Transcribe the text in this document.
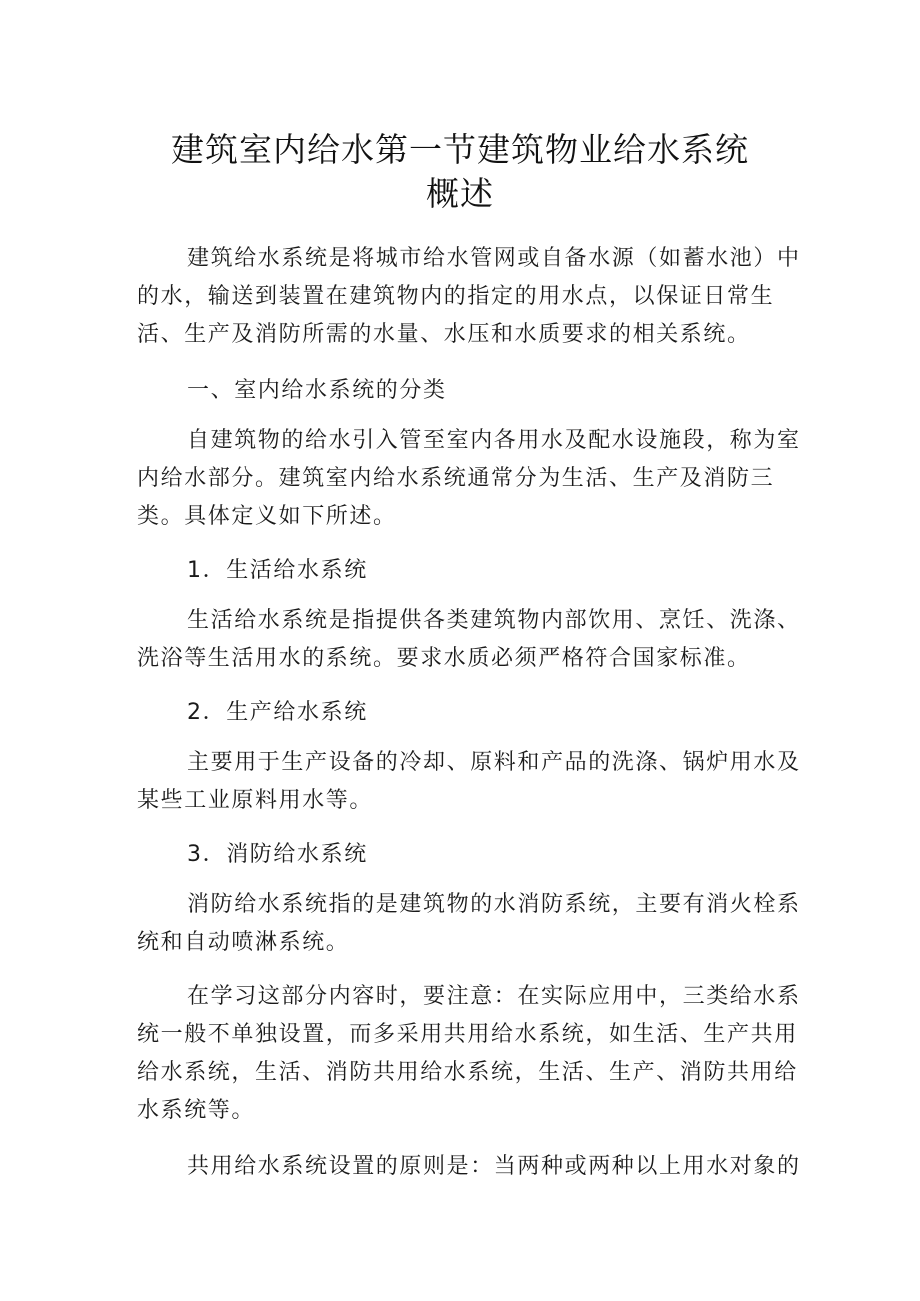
建筑室内给水第一节建筑物业给水系统
概述

建筑给水系统是将城市给水管网或自备水源（如蓄水池）中的水，输送到装置在建筑物内的指定的用水点，以保证日常生活、生产及消防所需的水量、水压和水质要求的相关系统。

一、室内给水系统的分类

自建筑物的给水引入管至室内各用水及配水设施段，称为室内给水部分。建筑室内给水系统通常分为生活、生产及消防三类。具体定义如下所述。

1．生活给水系统

生活给水系统是指提供各类建筑物内部饮用、烹饪、洗涤、洗浴等生活用水的系统。要求水质必须严格符合国家标准。

2．生产给水系统

主要用于生产设备的冷却、原料和产品的洗涤、锅炉用水及某些工业原料用水等。

3．消防给水系统

消防给水系统指的是建筑物的水消防系统，主要有消火栓系统和自动喷淋系统。

在学习这部分内容时，要注意：在实际应用中，三类给水系统一般不单独设置，而多采用共用给水系统，如生活、生产共用给水系统，生活、消防共用给水系统，生活、生产、消防共用给水系统等。

共用给水系统设置的原则是：当两种或两种以上用水对象的
